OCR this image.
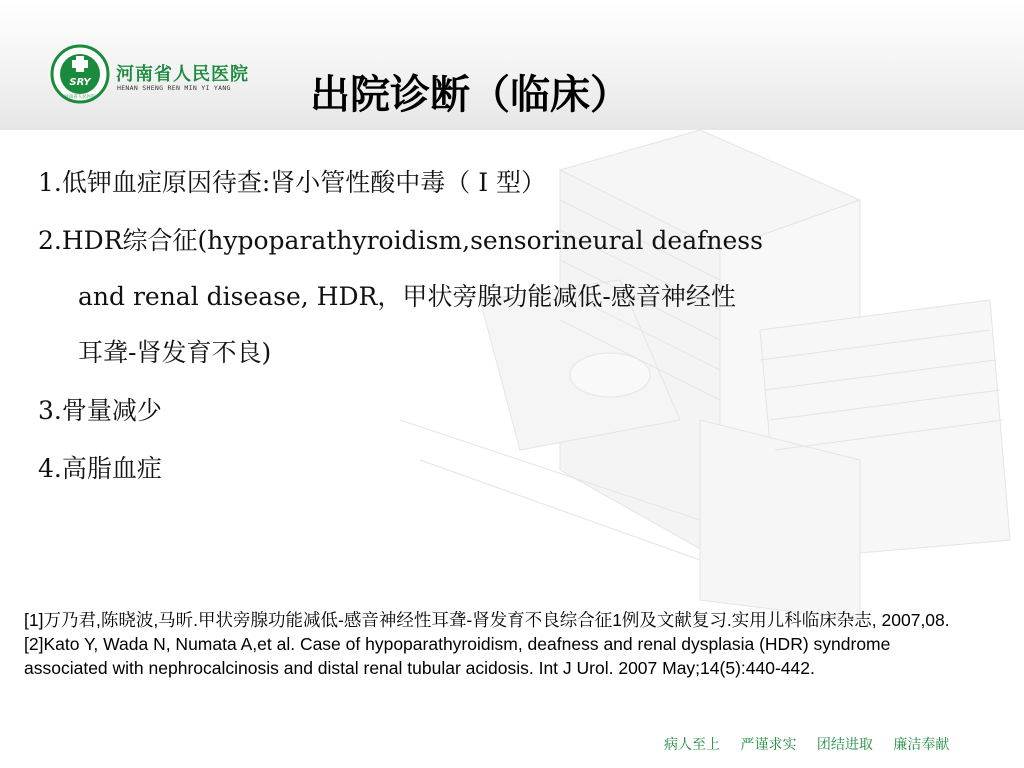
SRY
河南省人民医院
河南省人民医院
HENAN SHENG REN MIN YI YANG 出院诊断（临床）
1.低钾血症原因待查:肾小管性酸中毒（ I 型）
2.HDR综合征(hypoparathyroidism,sensorineural deafness
and renal disease, HDR，甲状旁腺功能减低-感音神经性
耳聋-肾发育不良)
3.骨量减少
4.高脂血症
[1]万乃君,陈晓波,马昕.甲状旁腺功能减低-感音神经性耳聋-肾发育不良综合征1例及文献复习.实用儿科临床杂志, 2007,08.
[2]Kato Y, Wada N, Numata A,et al. Case of hypoparathyroidism, deafness and renal dysplasia (HDR) syndrome associated with nephrocalcinosis and distal renal tubular acidosis. Int J Urol. 2007 May;14(5):440-442.
病人至上 严谨求实 团结进取 廉洁奉献
